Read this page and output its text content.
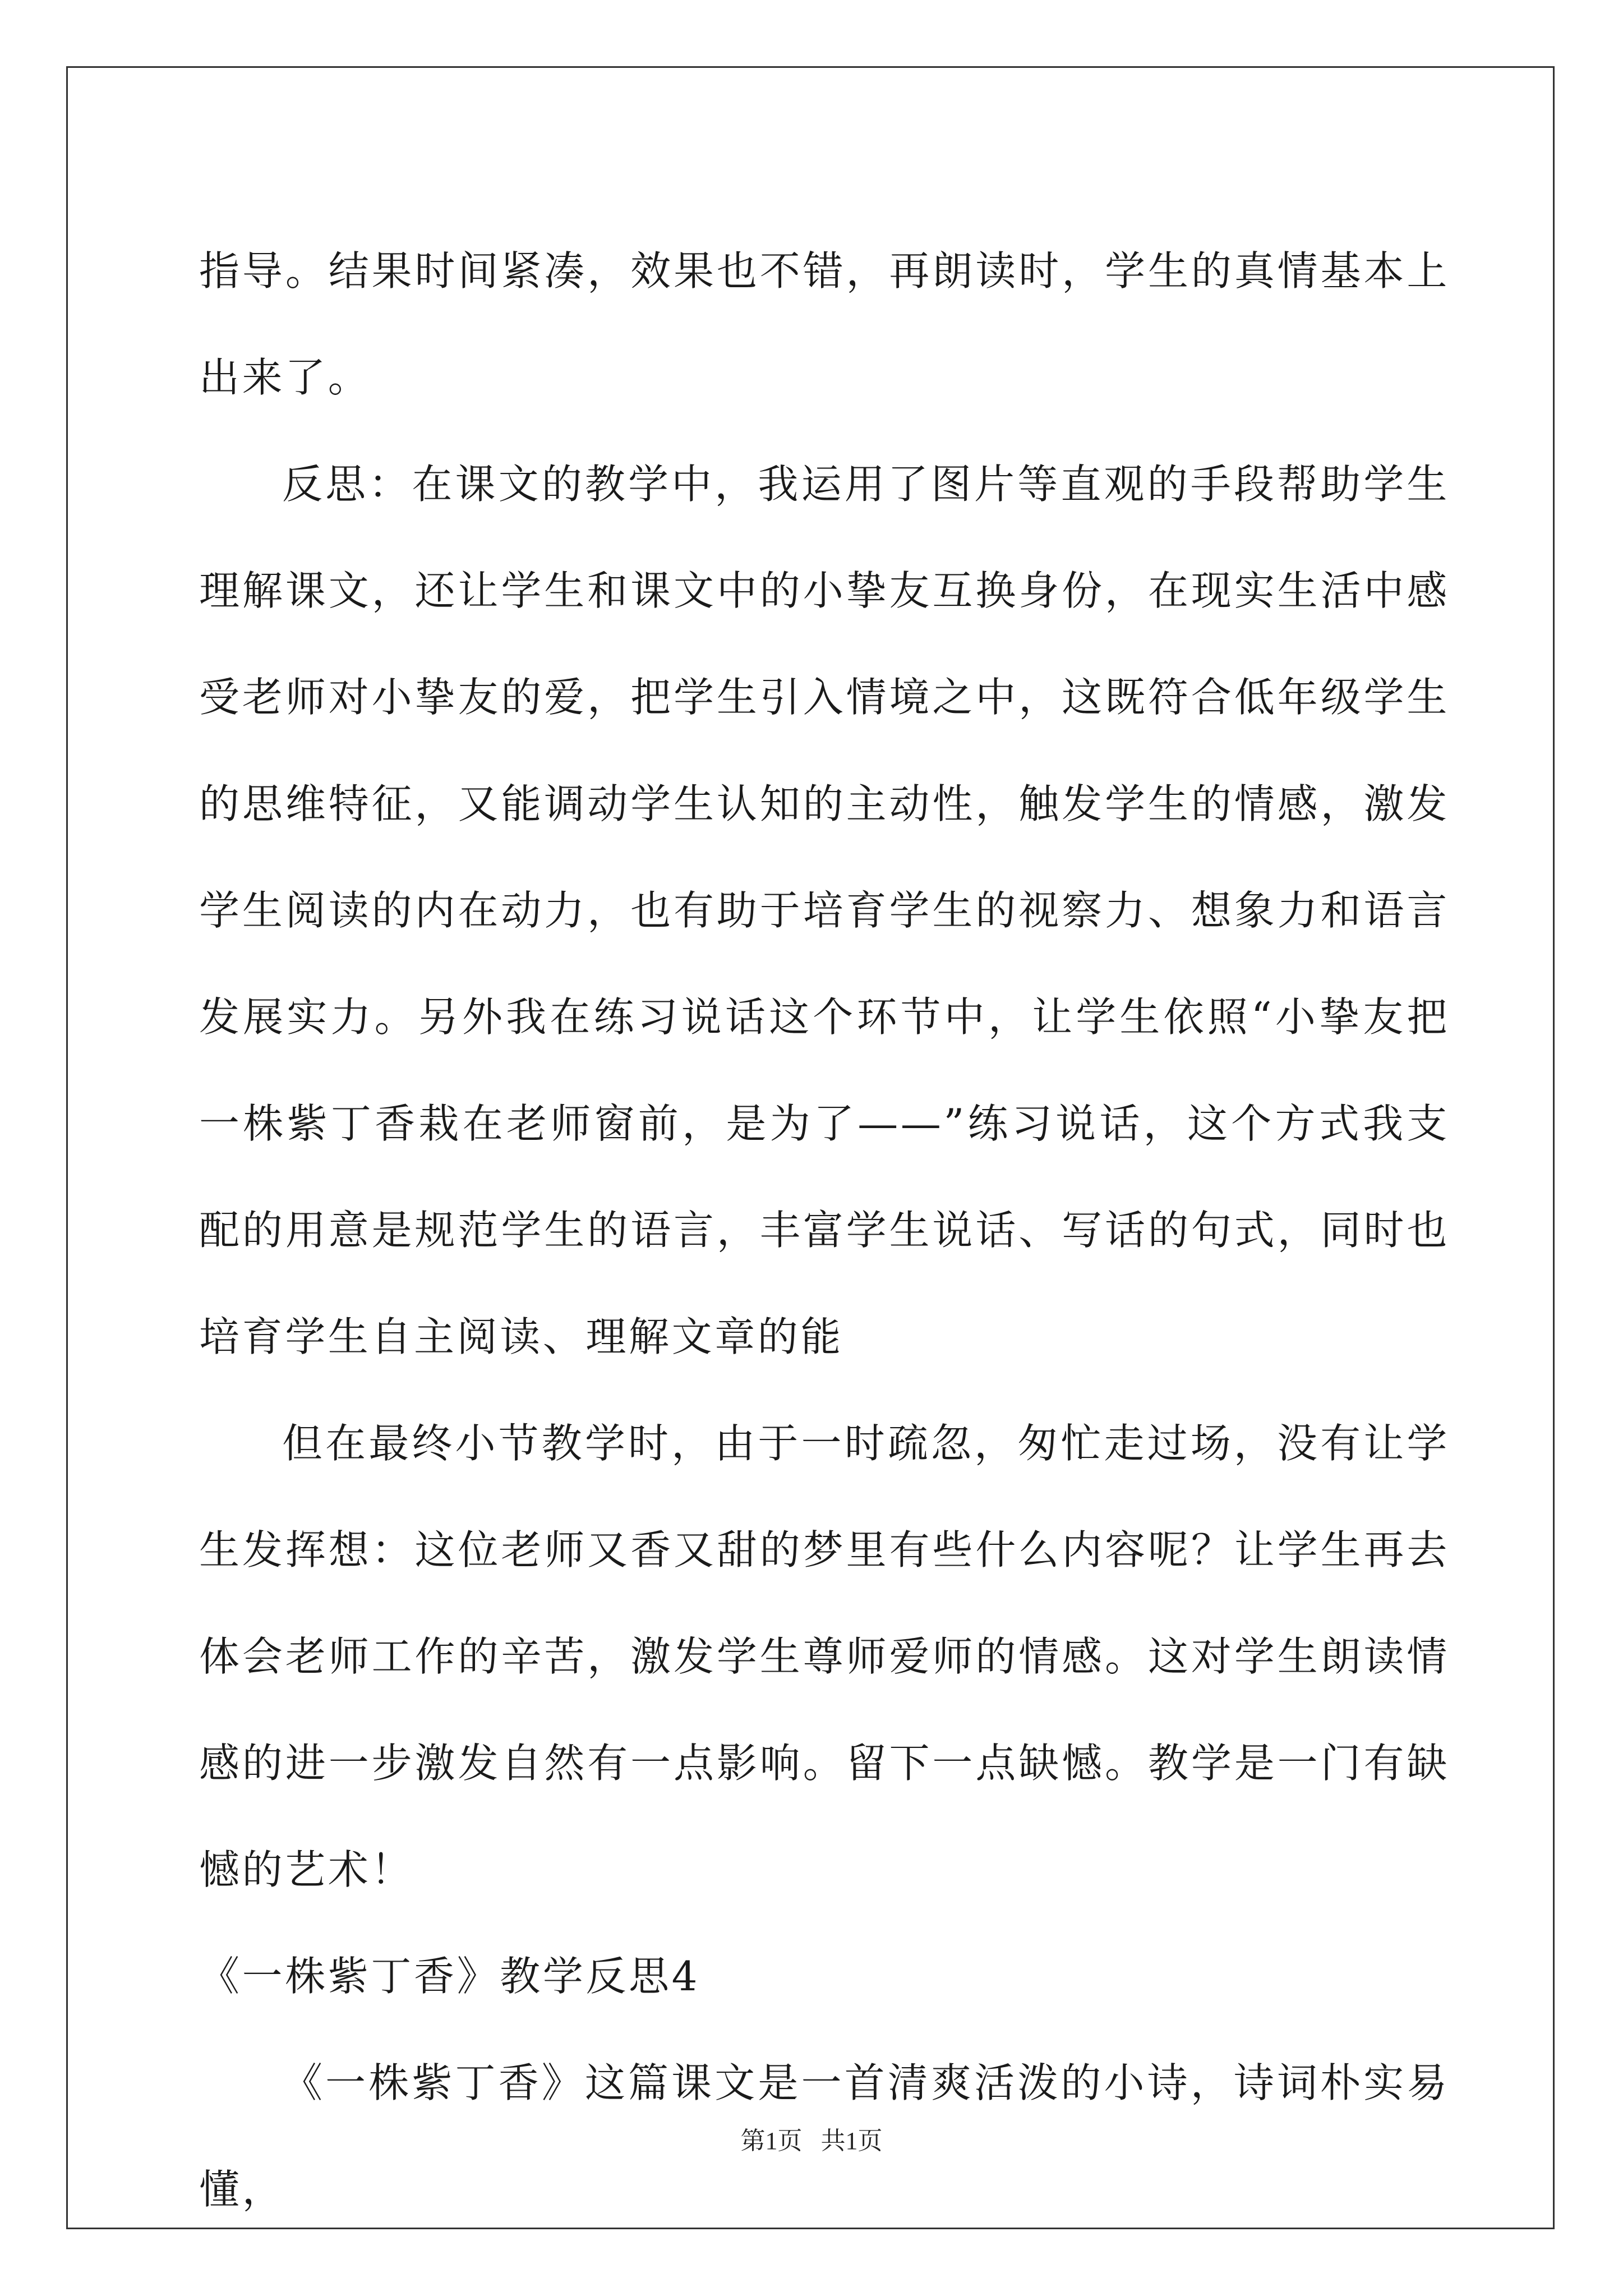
指导。结果时间紧凑，效果也不错，再朗读时，学生的真情基本上出来了。

反思：在课文的教学中，我运用了图片等直观的手段帮助学生理解课文，还让学生和课文中的小挚友互换身份，在现实生活中感受老师对小挚友的爱，把学生引入情境之中，这既符合低年级学生的思维特征，又能调动学生认知的主动性，触发学生的情感，激发学生阅读的内在动力，也有助于培育学生的视察力、想象力和语言发展实力。另外我在练习说话这个环节中，让学生依照“小挚友把一株紫丁香栽在老师窗前，是为了——”练习说话，这个方式我支配的用意是规范学生的语言，丰富学生说话、写话的句式，同时也培育学生自主阅读、理解文章的能

但在最终小节教学时，由于一时疏忽，匆忙走过场，没有让学生发挥想：这位老师又香又甜的梦里有些什么内容呢？让学生再去体会老师工作的辛苦，激发学生尊师爱师的情感。这对学生朗读情感的进一步激发自然有一点影响。留下一点缺憾。教学是一门有缺憾的艺术！

《一株紫丁香》教学反思4

《一株紫丁香》这篇课文是一首清爽活泼的小诗，诗词朴实易懂，

第1页   共1页
